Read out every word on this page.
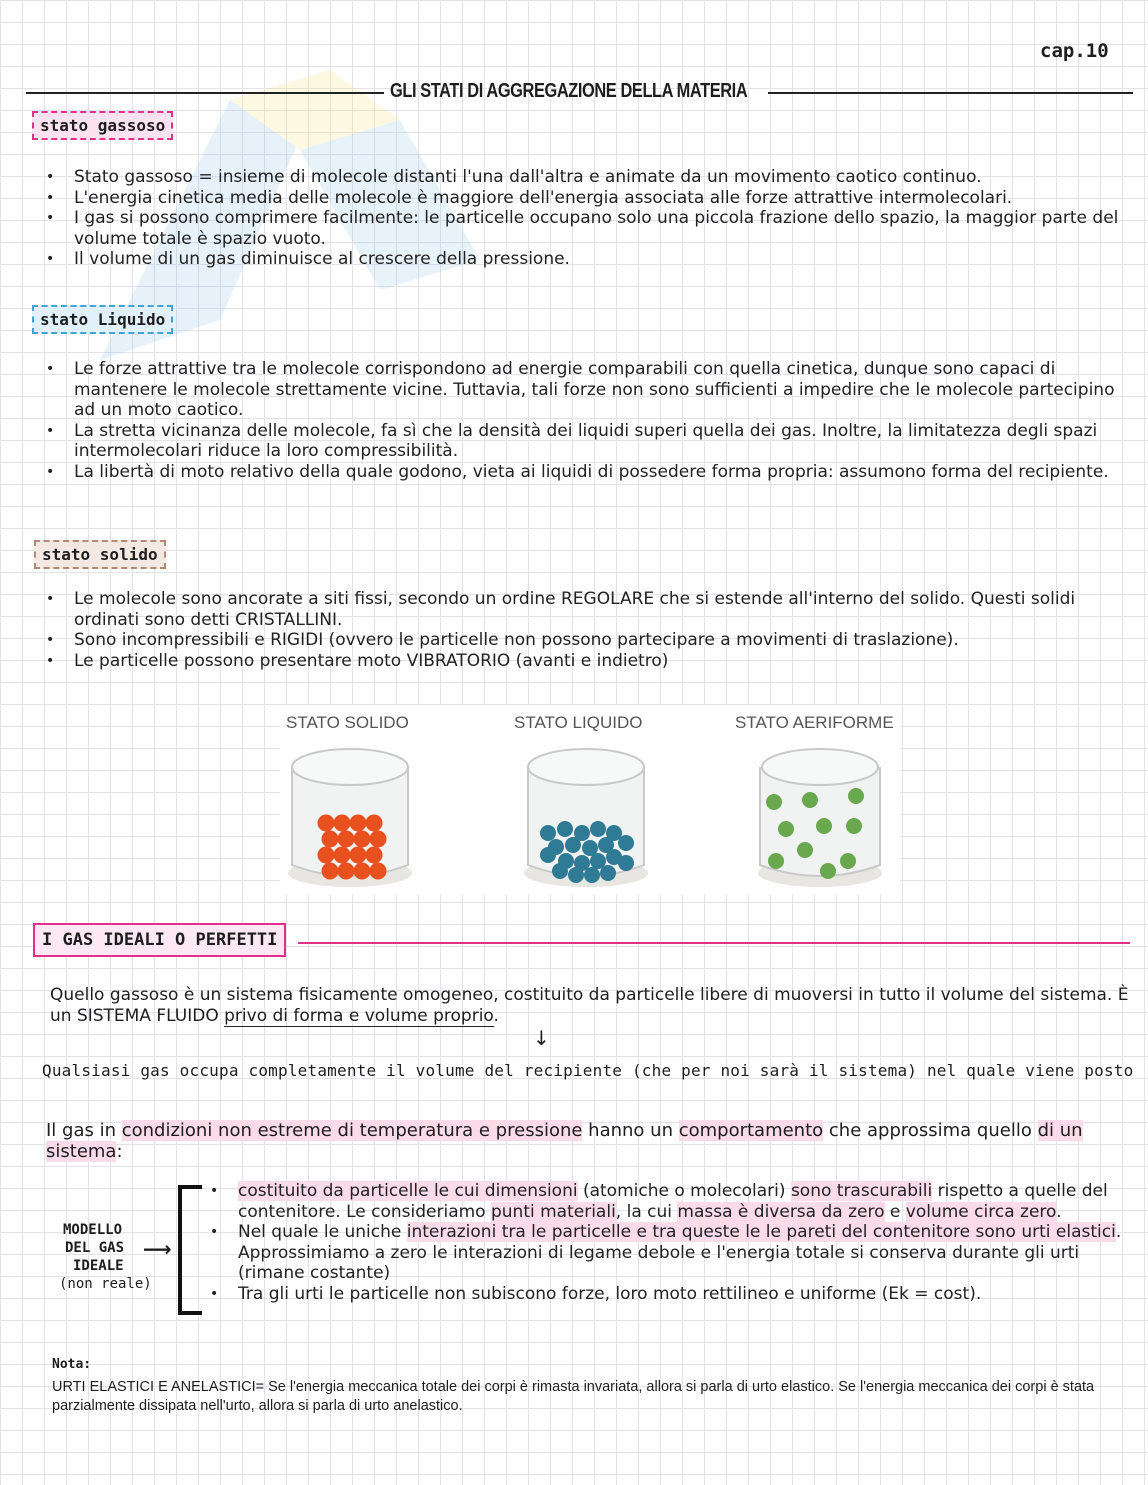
cap.10
GLI STATI DI AGGREGAZIONE DELLA MATERIA
stato gassoso
• Stato gassoso = insieme di molecole distanti l'una dall'altra e animate da un movimento caotico continuo.
• L'energia cinetica media delle molecole è maggiore dell'energia associata alle forze attrattive intermolecolari.
• I gas si possono comprimere facilmente: le particelle occupano solo una piccola frazione dello spazio, la maggior parte del volume totale è spazio vuoto.
• Il volume di un gas diminuisce al crescere della pressione.
stato Liquido
• Le forze attrattive tra le molecole corrispondono ad energie comparabili con quella cinetica, dunque sono capaci di mantenere le molecole strettamente vicine. Tuttavia, tali forze non sono sufficienti a impedire che le molecole partecipino ad un moto caotico.
• La stretta vicinanza delle molecole, fa sì che la densità dei liquidi superi quella dei gas. Inoltre, la limitatezza degli spazi intermolecolari riduce la loro compressibilità.
• La libertà di moto relativo della quale godono, vieta ai liquidi di possedere forma propria: assumono forma del recipiente.
stato solido
• Le molecole sono ancorate a siti fissi, secondo un ordine REGOLARE che si estende all'interno del solido. Questi solidi ordinati sono detti CRISTALLINI.
• Sono incompressibili e RIGIDI (ovvero le particelle non possono partecipare a movimenti di traslazione).
• Le particelle possono presentare moto VIBRATORIO (avanti e indietro)
STATO SOLIDO	STATO LIQUIDO	STATO AERIFORME
I GAS IDEALI O PERFETTI
Quello gassoso è un sistema fisicamente omogeneo, costituito da particelle libere di muoversi in tutto il volume del sistema. È un SISTEMA FLUIDO privo di forma e volume proprio.
↓
Qualsiasi gas occupa completamente il volume del recipiente (che per noi sarà il sistema) nel quale viene posto
Il gas in condizioni non estreme di temperatura e pressione hanno un comportamento che approssima quello di un sistema:
MODELLO
DEL GAS
IDEALE
(non reale)
⟶
• costituito da particelle le cui dimensioni (atomiche o molecolari) sono trascurabili rispetto a quelle del contenitore. Le consideriamo punti materiali, la cui massa è diversa da zero e volume circa zero.
• Nel quale le uniche interazioni tra le particelle e tra queste le le pareti del contenitore sono urti elastici. Approssimiamo a zero le interazioni di legame debole e l'energia totale si conserva durante gli urti (rimane costante)
• Tra gli urti le particelle non subiscono forze, loro moto rettilineo e uniforme (Ek = cost).
Nota:
URTI ELASTICI E ANELASTICI= Se l'energia meccanica totale dei corpi è rimasta invariata, allora si parla di urto elastico. Se l'energia meccanica dei corpi è stata parzialmente dissipata nell'urto, allora si parla di urto anelastico.
